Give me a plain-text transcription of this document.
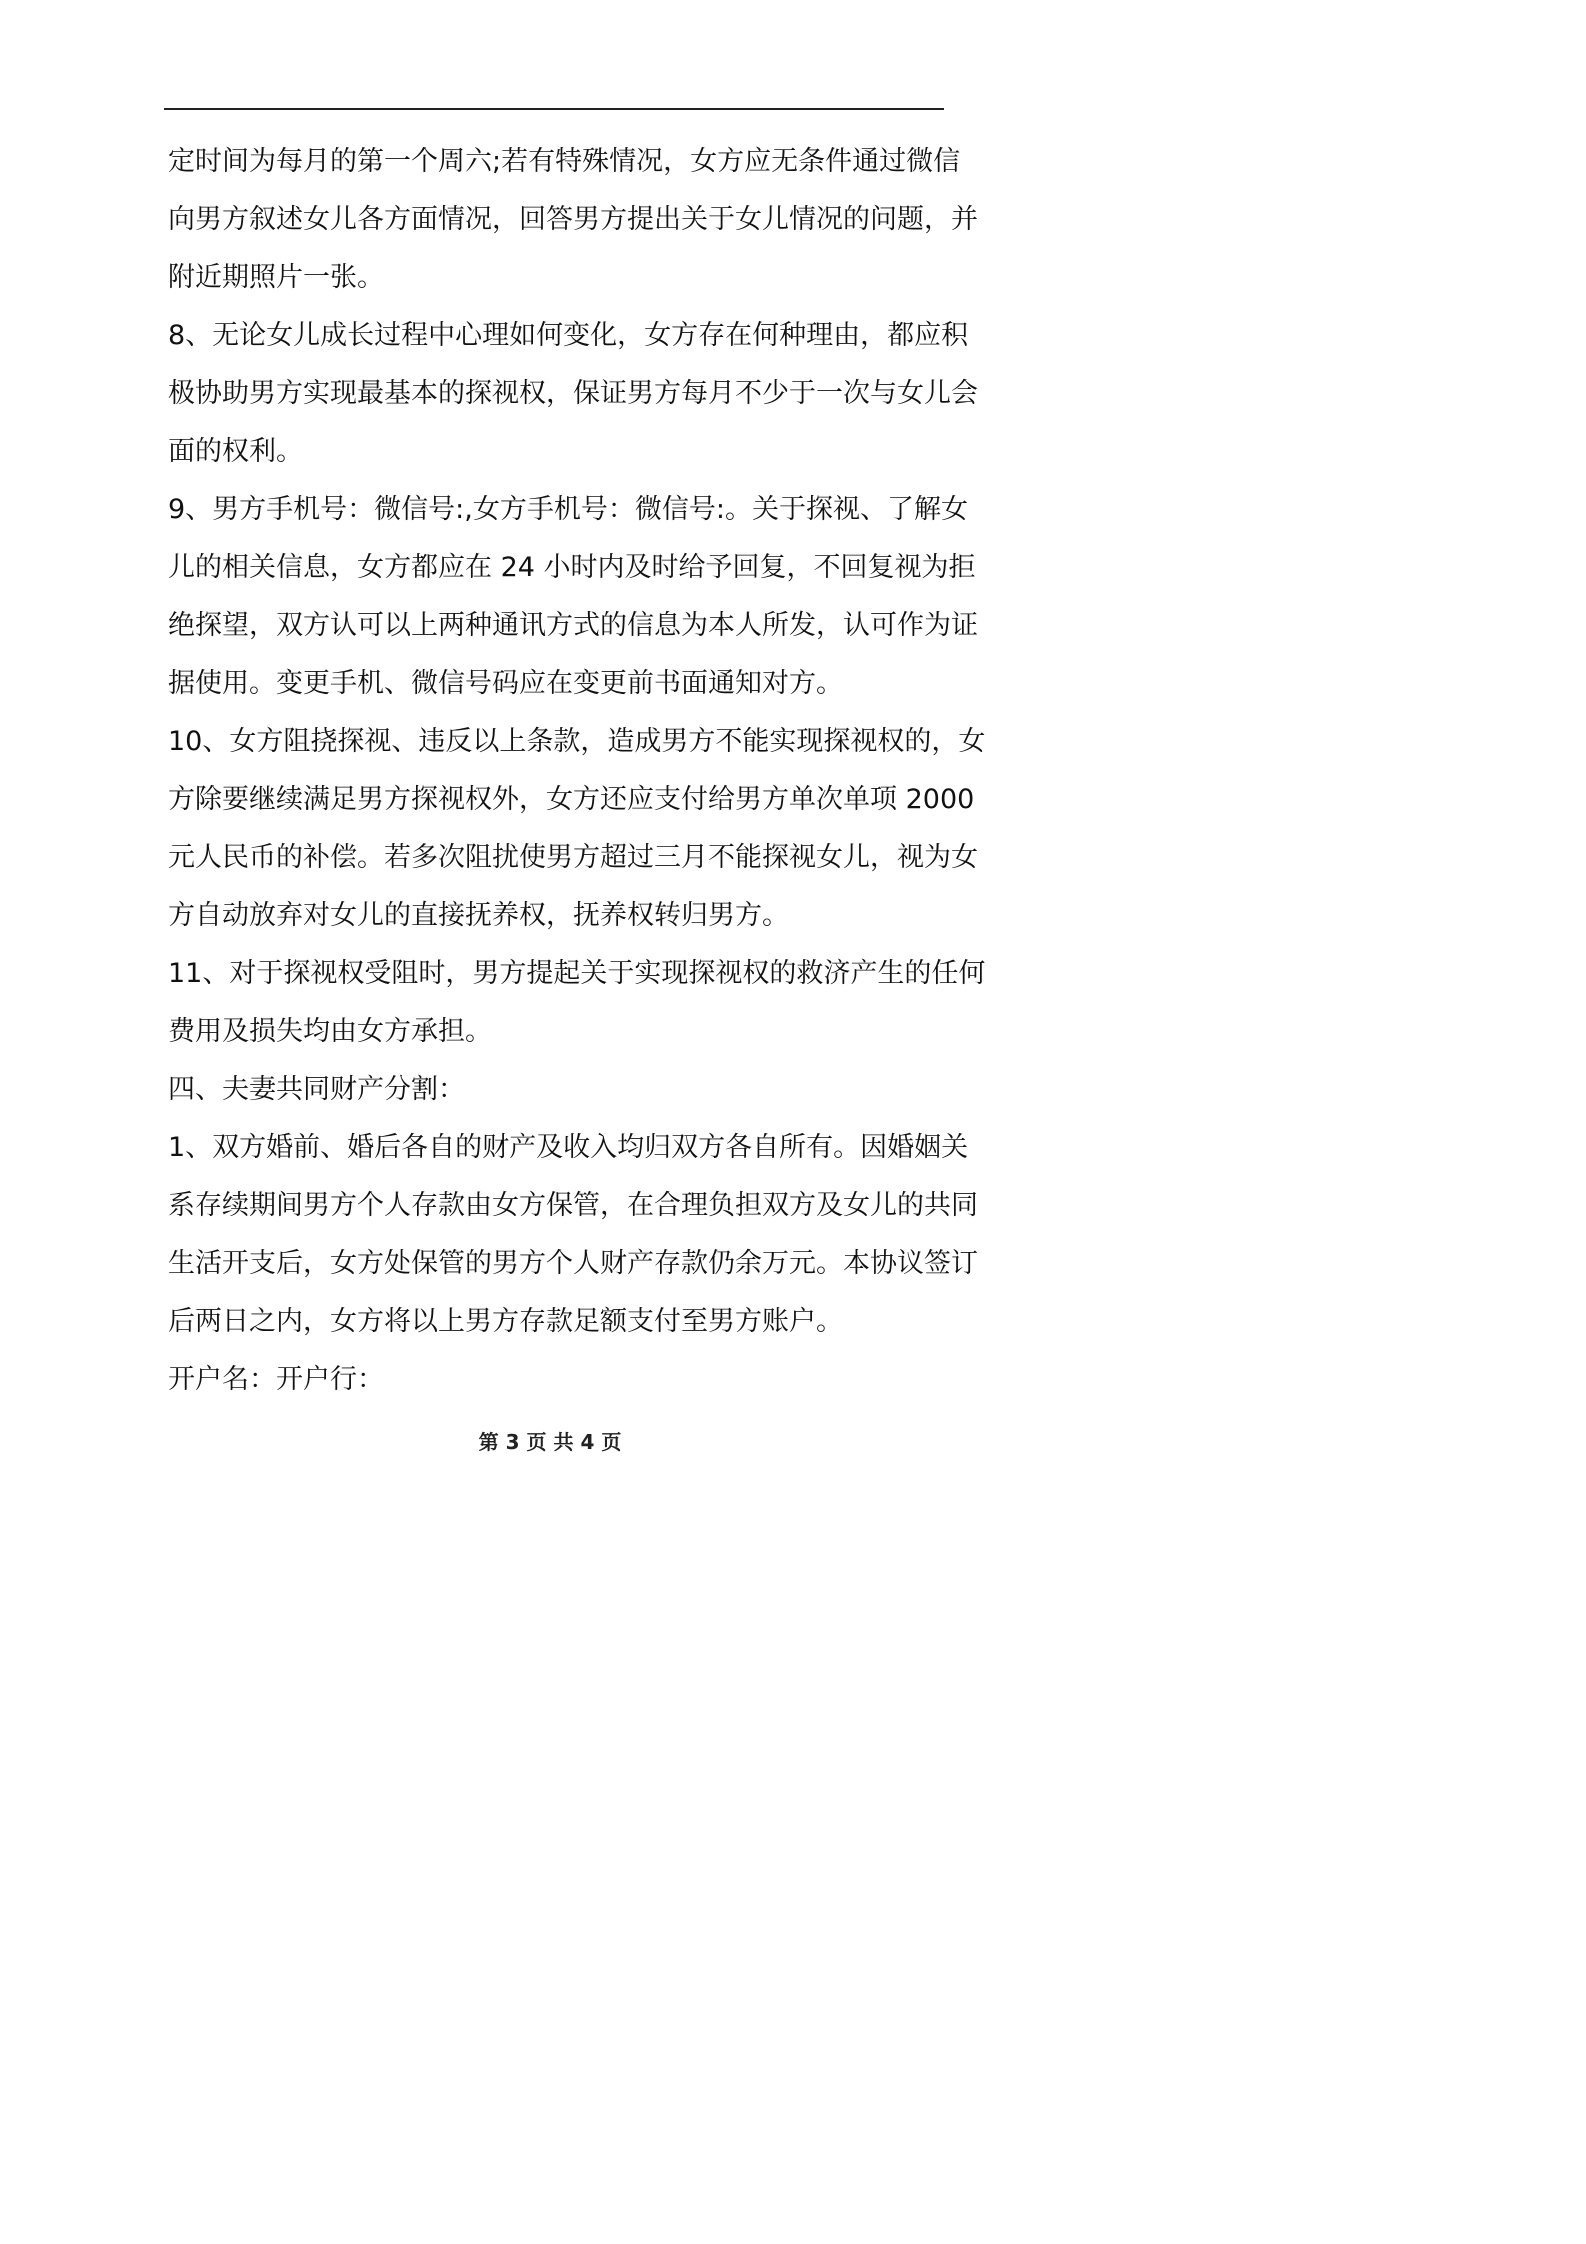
定时间为每月的第一个周六;若有特殊情况，女方应无条件通过微信
向男方叙述女儿各方面情况，回答男方提出关于女儿情况的问题，并
附近期照片一张。
8、无论女儿成长过程中心理如何变化，女方存在何种理由，都应积
极协助男方实现最基本的探视权，保证男方每月不少于一次与女儿会
面的权利。
9、男方手机号：微信号:,女方手机号：微信号:。关于探视、了解女
儿的相关信息，女方都应在 24 小时内及时给予回复，不回复视为拒
绝探望，双方认可以上两种通讯方式的信息为本人所发，认可作为证
据使用。变更手机、微信号码应在变更前书面通知对方。
10、女方阻挠探视、违反以上条款，造成男方不能实现探视权的，女
方除要继续满足男方探视权外，女方还应支付给男方单次单项 2000
元人民币的补偿。若多次阻扰使男方超过三月不能探视女儿，视为女
方自动放弃对女儿的直接抚养权，抚养权转归男方。
11、对于探视权受阻时，男方提起关于实现探视权的救济产生的任何
费用及损失均由女方承担。
四、夫妻共同财产分割：
1、双方婚前、婚后各自的财产及收入均归双方各自所有。因婚姻关
系存续期间男方个人存款由女方保管，在合理负担双方及女儿的共同
生活开支后，女方处保管的男方个人财产存款仍余万元。本协议签订
后两日之内，女方将以上男方存款足额支付至男方账户。
开户名：开户行：
第 3 页 共 4 页
